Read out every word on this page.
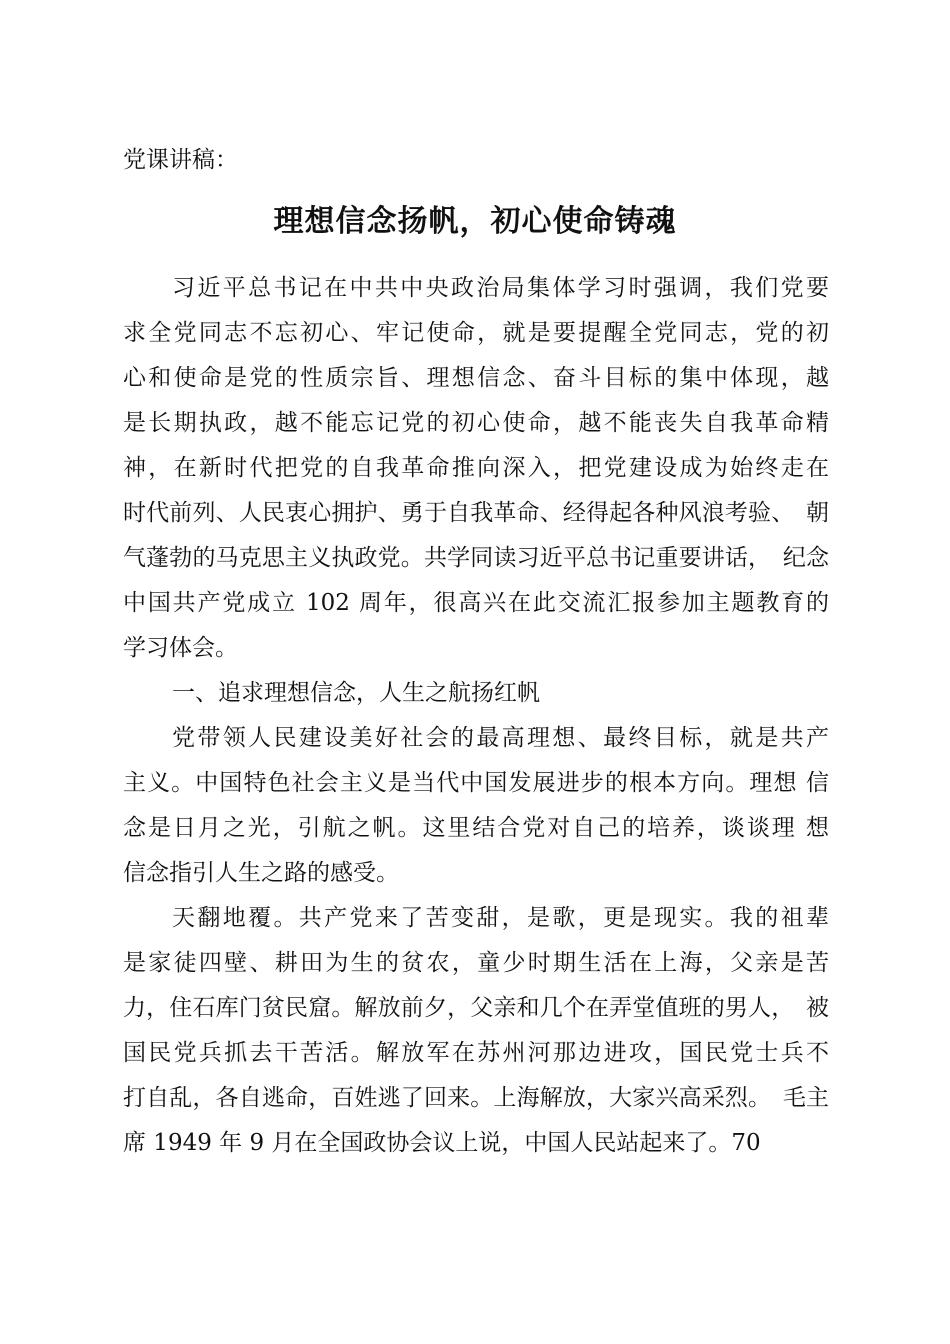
党课讲稿：
理想信念扬帆，初心使命铸魂
习近平总书记在中共中央政治局集体学习时强调，我们党要
求全党同志不忘初心、牢记使命，就是要提醒全党同志，党的初
心和使命是党的性质宗旨、理想信念、奋斗目标的集中体现，越
是长期执政，越不能忘记党的初心使命，越不能丧失自我革命精
神，在新时代把党的自我革命推向深入，把党建设成为始终走在
时代前列、人民衷心拥护、勇于自我革命、经得起各种风浪考验、　朝
气蓬勃的马克思主义执政党。共学同读习近平总书记重要讲话，　纪念
中国共产党成立 102 周年，很高兴在此交流汇报参加主题教育的
学习体会。
一、追求理想信念，人生之航扬红帆
党带领人民建设美好社会的最高理想、最终目标，就是共产
主义。中国特色社会主义是当代中国发展进步的根本方向。理想 信
念是日月之光，引航之帆。这里结合党对自己的培养，谈谈理 想
信念指引人生之路的感受。
天翻地覆。共产党来了苦变甜，是歌，更是现实。我的祖辈
是家徒四壁、耕田为生的贫农，童少时期生活在上海，父亲是苦
力，住石库门贫民窟。解放前夕，父亲和几个在弄堂值班的男人，　被
国民党兵抓去干苦活。解放军在苏州河那边进攻，国民党士兵不
打自乱，各自逃命，百姓逃了回来。上海解放，大家兴高采烈。　毛主
席 1949 年 9 月在全国政协会议上说，中国人民站起来了。70
